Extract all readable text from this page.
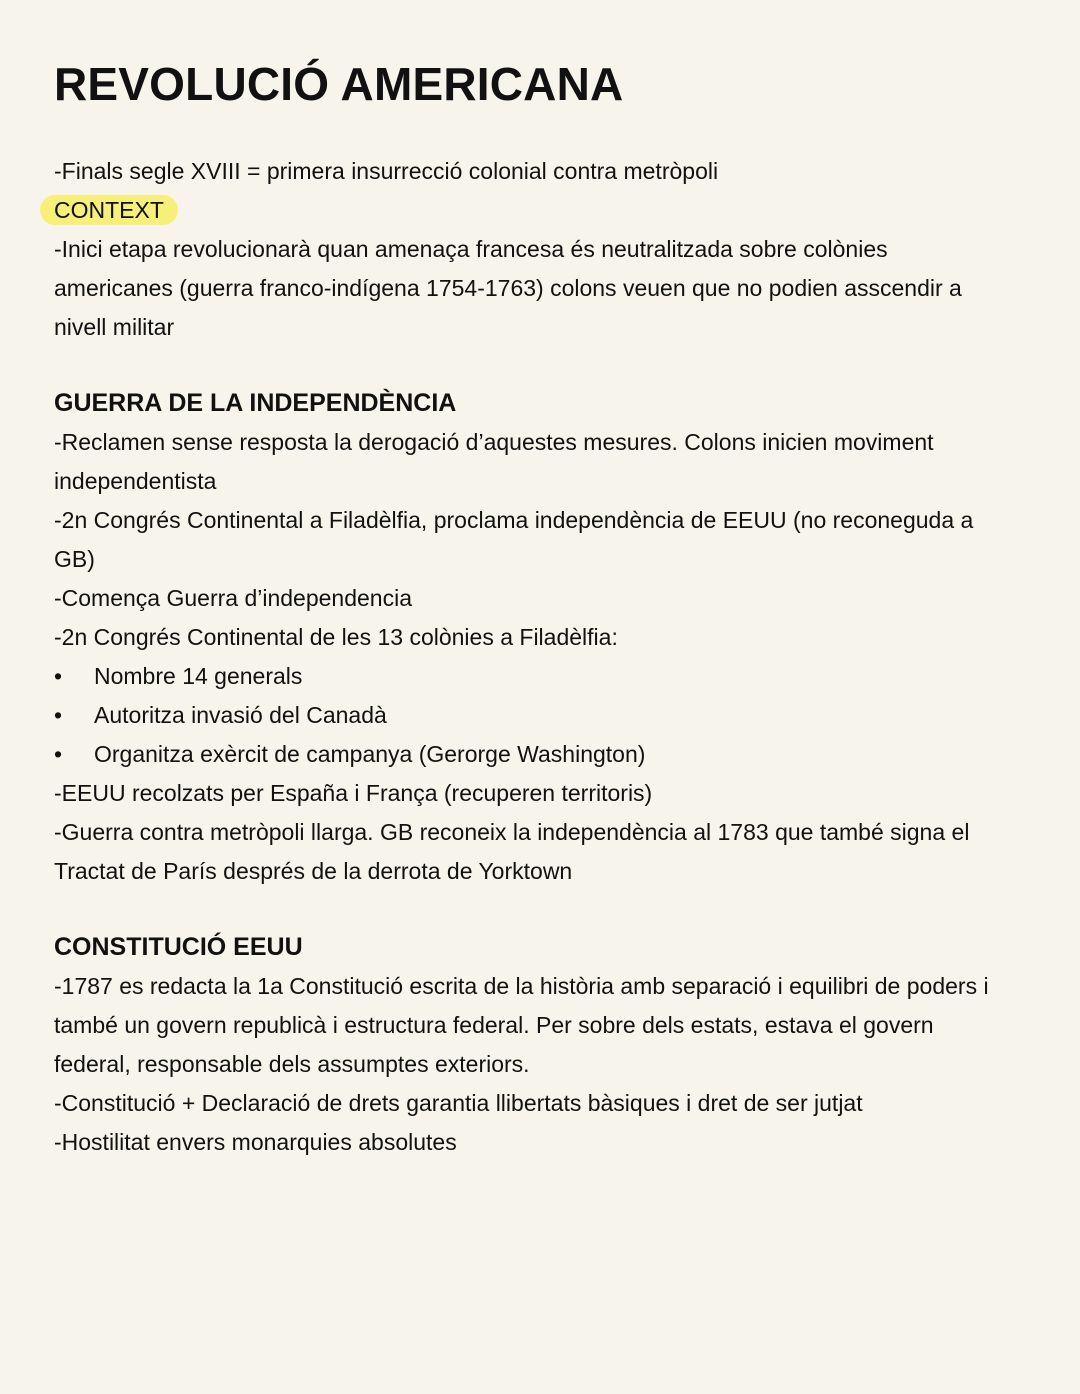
REVOLUCIÓ AMERICANA

-Finals segle XVIII = primera insurrecció colonial contra metròpoli

CONTEXT

-Inici etapa revolucionarà quan amenaça francesa és neutralitzada sobre colònies

americanes (guerra franco-indígena 1754-1763) colons veuen que no podien asscendir a

nivell militar

GUERRA DE LA INDEPENDÈNCIA

-Reclamen sense resposta la derogació d’aquestes mesures. Colons inicien moviment

independentista

-2n Congrés Continental a Filadèlfia, proclama independència de EEUU (no reconeguda a

GB)

-Comença Guerra d’independencia

-2n Congrés Continental de les 13 colònies a Filadèlfia:

• Nombre 14 generals

• Autoritza invasió del Canadà

• Organitza exèrcit de campanya (Gerorge Washington)

-EEUU recolzats per España i França (recuperen territoris)

-Guerra contra metròpoli llarga. GB reconeix la independència al 1783 que també signa el

Tractat de París després de la derrota de Yorktown

CONSTITUCIÓ EEUU

-1787 es redacta la 1a Constitució escrita de la història amb separació i equilibri de poders i

també un govern republicà i estructura federal. Per sobre dels estats, estava el govern

federal, responsable dels assumptes exteriors.

-Constitució + Declaració de drets garantia llibertats bàsiques i dret de ser jutjat

-Hostilitat envers monarquies absolutes
